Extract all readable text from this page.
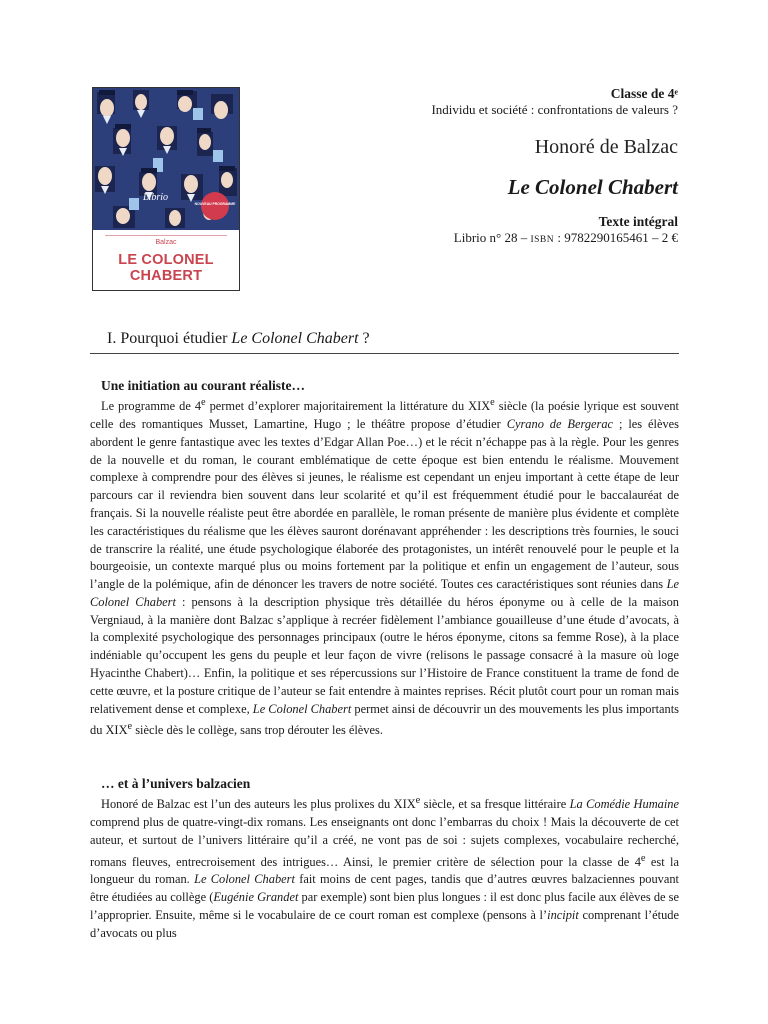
Librio
NOUVEAU PROGRAMME
Balzac
LE COLONEL CHABERT

Classe de 4ᵉ

Individu et société : confrontations de valeurs ?

Honoré de Balzac

Le Colonel Chabert

Texte intégral

Librio n° 28 – ISBN : 9782290165461 – 2 €

I. Pourquoi étudier Le Colonel Chabert ?
Une initiation au courant réaliste…

Le programme de 4e permet d’explorer majoritairement la littérature du XIXe siècle (la poésie lyrique est souvent celle des romantiques Musset, Lamartine, Hugo ; le théâtre propose d’étudier Cyrano de Bergerac ; les élèves abordent le genre fantastique avec les textes d’Edgar Allan Poe…) et le récit n’échappe pas à la règle. Pour les genres de la nouvelle et du roman, le courant emblématique de cette époque est bien entendu le réalisme. Mouvement complexe à comprendre pour des élèves si jeunes, le réalisme est cependant un enjeu important à cette étape de leur parcours car il reviendra bien souvent dans leur scolarité et qu’il est fréquemment étudié pour le baccalauréat de français. Si la nouvelle réaliste peut être abordée en parallèle, le roman présente de manière plus évidente et complète les caractéristiques du réalisme que les élèves sauront dorénavant appréhender : les descriptions très fournies, le souci de transcrire la réalité, une étude psychologique élaborée des protagonistes, un intérêt renouvelé pour le peuple et la bourgeoisie, un contexte marqué plus ou moins fortement par la politique et enfin un engagement de l’auteur, sous l’angle de la polémique, afin de dénoncer les travers de notre société. Toutes ces caractéristiques sont réunies dans Le Colonel Chabert : pensons à la description physique très détaillée du héros éponyme ou à celle de la maison Vergniaud, à la manière dont Balzac s’applique à recréer fidèlement l’ambiance gouailleuse d’une étude d’avocats, à la complexité psychologique des personnages principaux (outre le héros éponyme, citons sa femme Rose), à la place indéniable qu’occupent les gens du peuple et leur façon de vivre (relisons le passage consacré à la masure où loge Hyacinthe Chabert)… Enfin, la politique et ses répercussions sur l’Histoire de France constituent la trame de fond de cette œuvre, et la posture critique de l’auteur se fait entendre à maintes reprises. Récit plutôt court pour un roman mais relativement dense et complexe, Le Colonel Chabert permet ainsi de découvrir un des mouvements les plus importants du XIXe siècle dès le collège, sans trop dérouter les élèves.

… et à l’univers balzacien

Honoré de Balzac est l’un des auteurs les plus prolixes du XIXe siècle, et sa fresque littéraire La Comédie Humaine comprend plus de quatre-vingt-dix romans. Les enseignants ont donc l’embarras du choix ! Mais la découverte de cet auteur, et surtout de l’univers littéraire qu’il a créé, ne vont pas de soi : sujets complexes, vocabulaire recherché, romans fleuves, entrecroisement des intrigues… Ainsi, le premier critère de sélection pour la classe de 4e est la longueur du roman. Le Colonel Chabert fait moins de cent pages, tandis que d’autres œuvres balzaciennes pouvant être étudiées au collège (Eugénie Grandet par exemple) sont bien plus longues : il est donc plus facile aux élèves de se l’approprier. Ensuite, même si le vocabulaire de ce court roman est complexe (pensons à l’incipit comprenant l’étude d’avocats ou plus
